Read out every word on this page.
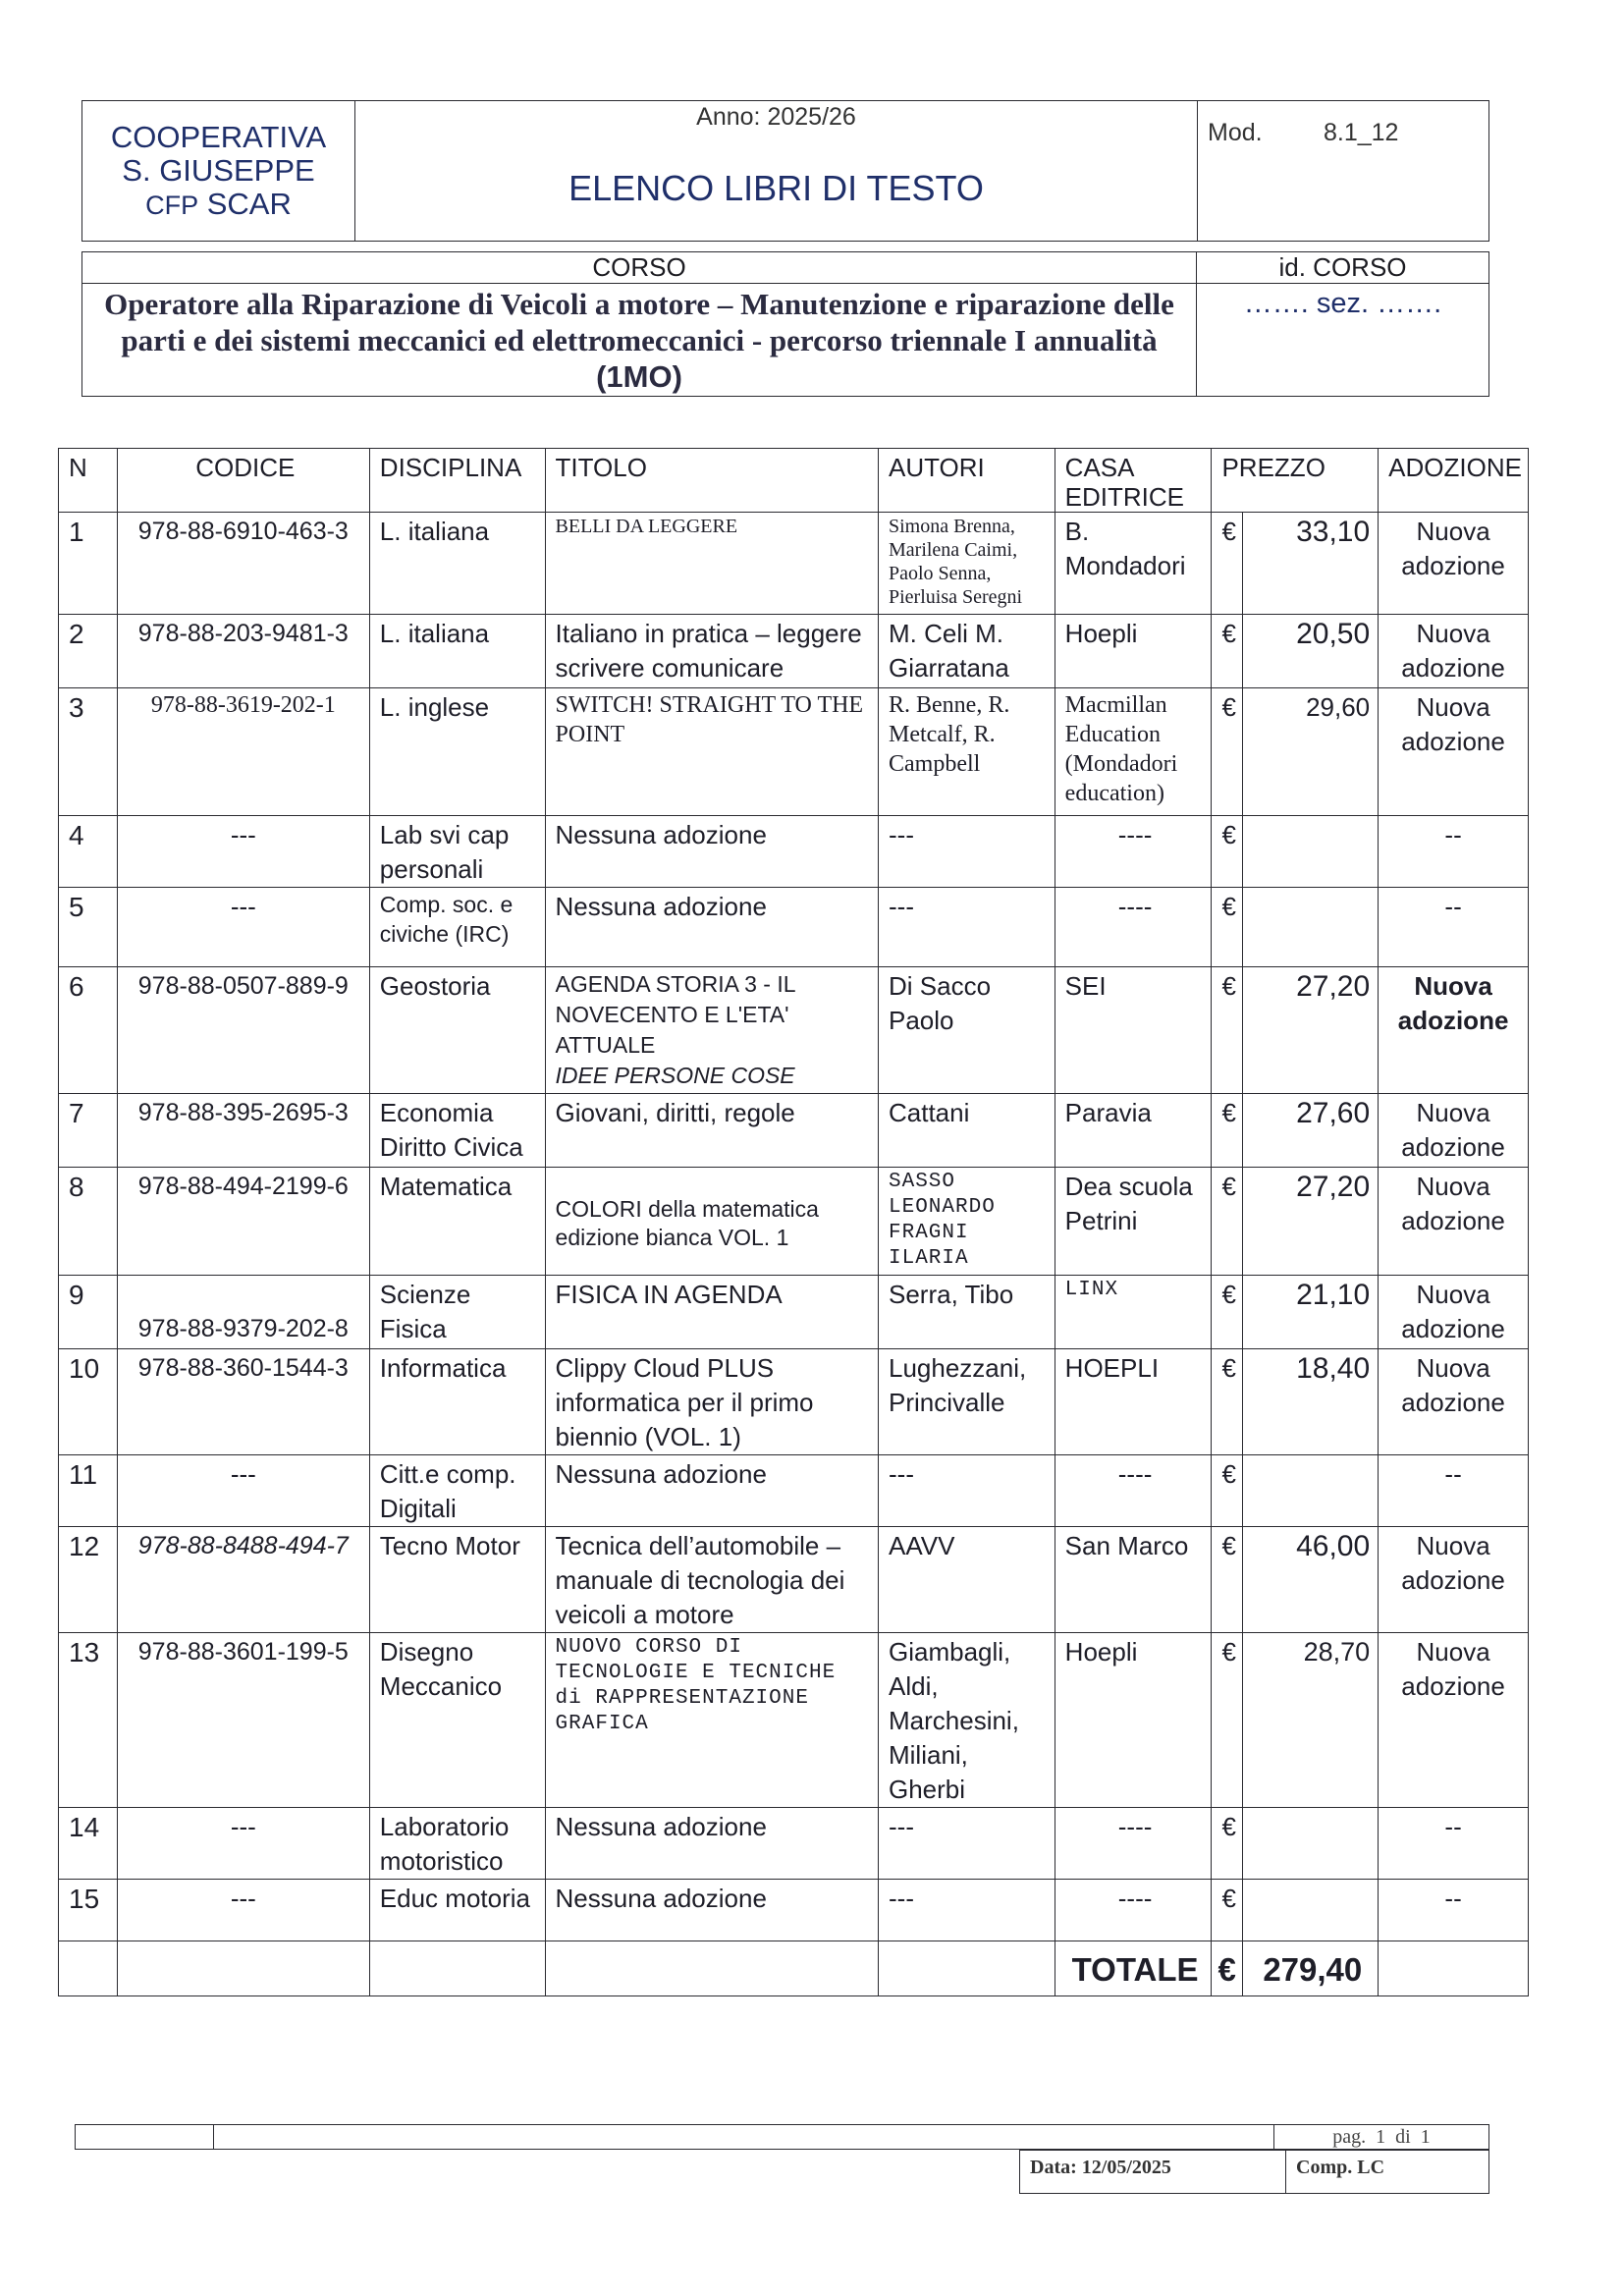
COOPERATIVA
S. GIUSEPPE
CFP SCAR

Anno: 2025/26
ELENCO LIBRI DI TESTO

Mod. 8.1_12
CORSO	id. CORSO
Operatore alla Riparazione di Veicoli a motore – Manutenzione e riparazione delle parti e dei sistemi meccanici ed elettromeccanici - percorso triennale I annualità (1MO)	……. sez. …….
N	CODICE	DISCIPLINA	TITOLO	AUTORI	CASA EDITRICE	PREZZO		ADOZIONE
1	978-88-6910-463-3	L. italiana	BELLI DA LEGGERE	Simona Brenna, Marilena Caimi, Paolo Senna, Pierluisa Seregni	B. Mondadori	€	33,10	Nuova adozione
2	978-88-203-9481-3	L. italiana	Italiano in pratica – leggere scrivere comunicare	M. Celi M. Giarratana	Hoepli	€	20,50	Nuova adozione
3	978-88-3619-202-1	L. inglese	SWITCH! STRAIGHT TO THE POINT	R. Benne, R. Metcalf, R. Campbell	Macmillan Education (Mondadori education)	€	29,60	Nuova adozione
4	---	Lab svi cap personali	Nessuna adozione	---	----	€		--
5	---	Comp. soc. e civiche (IRC)	Nessuna adozione	---	----	€		--
6	978-88-0507-889-9	Geostoria	AGENDA STORIA 3 - IL NOVECENTO E L'ETA' ATTUALE
IDEE PERSONE COSE	Di Sacco Paolo	SEI	€	27,20	Nuova adozione
7	978-88-395-2695-3	Economia Diritto Civica	Giovani, diritti, regole	Cattani	Paravia	€	27,60	Nuova adozione
8	978-88-494-2199-6	Matematica	COLORI della matematica edizione bianca VOL. 1	SASSO LEONARDO FRAGNI ILARIA	Dea scuola Petrini	€	27,20	Nuova adozione
9	978-88-9379-202-8	Scienze Fisica	FISICA IN AGENDA	Serra, Tibo	LINX	€	21,10	Nuova adozione
10	978-88-360-1544-3	Informatica	Clippy Cloud PLUS informatica per il primo biennio (VOL. 1)	Lughezzani, Princivalle	HOEPLI	€	18,40	Nuova adozione
11	---	Citt.e comp. Digitali	Nessuna adozione	---	----	€		--
12	978-88-8488-494-7	Tecno Motor	Tecnica dell’automobile – manuale di tecnologia dei veicoli a motore	AAVV	San Marco	€	46,00	Nuova adozione
13	978-88-3601-199-5	Disegno Meccanico	NUOVO CORSO DI TECNOLOGIE E TECNICHE di RAPPRESENTAZIONE GRAFICA	Giambagli, Aldi, Marchesini, Miliani, Gherbi	Hoepli	€	28,70	Nuova adozione
14	---	Laboratorio motoristico	Nessuna adozione	---	----	€		--
15	---	Educ motoria	Nessuna adozione	---	----	€		--
					TOTALE	€	279,40	
		pag. 1 di 1
Data: 12/05/2025	Comp. LC
